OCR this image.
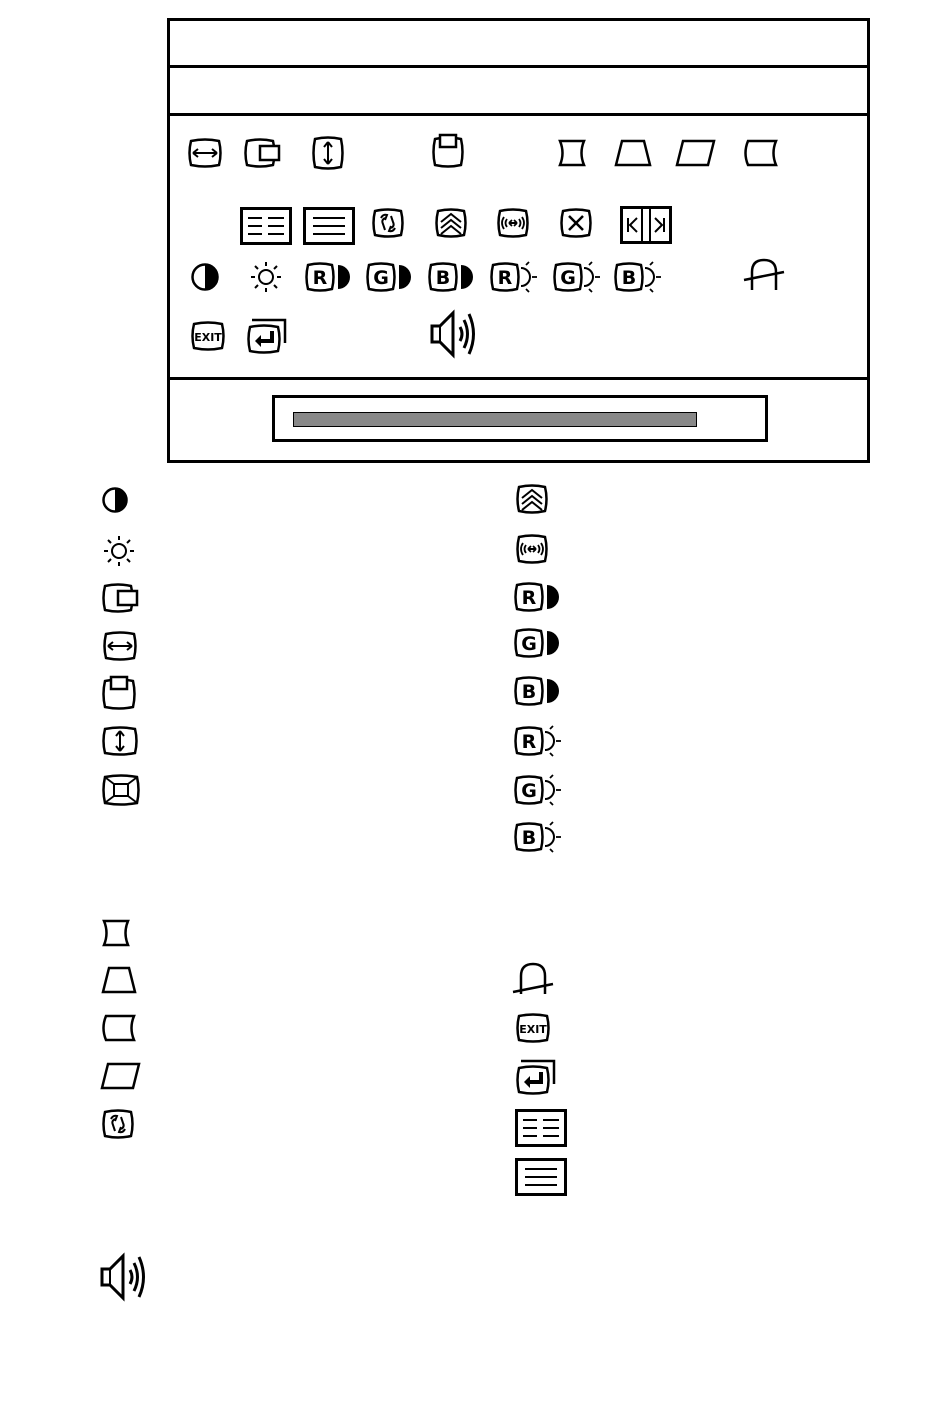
R G B R	G B
EXIT
R
G
B
R
G
B
EXIT
